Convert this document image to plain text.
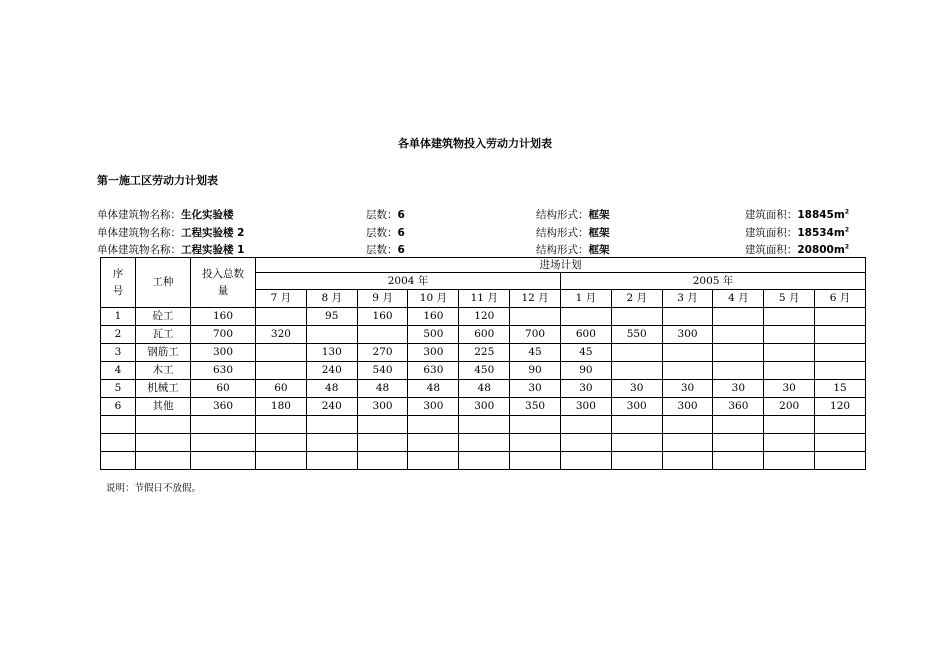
各单体建筑物投入劳动力计划表
第一施工区劳动力计划表
单体建筑物名称：生化实验楼	层数：6	结构形式：框架	建筑面积：$18845m^2$
单体建筑物名称：工程实验楼 2	层数：6	结构形式：框架	建筑面积：$18534m^2$
单体建筑物名称：工程实验楼 1	层数：6	结构形式：框架	建筑面积：$20800m^2$
序号	工种	投入总数量	进场计划											
			2004 年						2005 年					
			7 月	8 月	9 月	10 月	11 月	12 月	1 月	2 月	3 月	4 月	5 月	6 月
1	砼工	160		95	160	160	120							
2	瓦工	700	320			500	600	700	600	550	300			
3	钢筋工	300		130	270	300	225	45	45					
4	木工	630		240	540	630	450	90	90					
5	机械工	60	60	48	48	48	48	30	30	30	30	30	30	15
6	其他	360	180	240	300	300	300	350	300	300	300	360	200	120

说明：节假日不放假。
